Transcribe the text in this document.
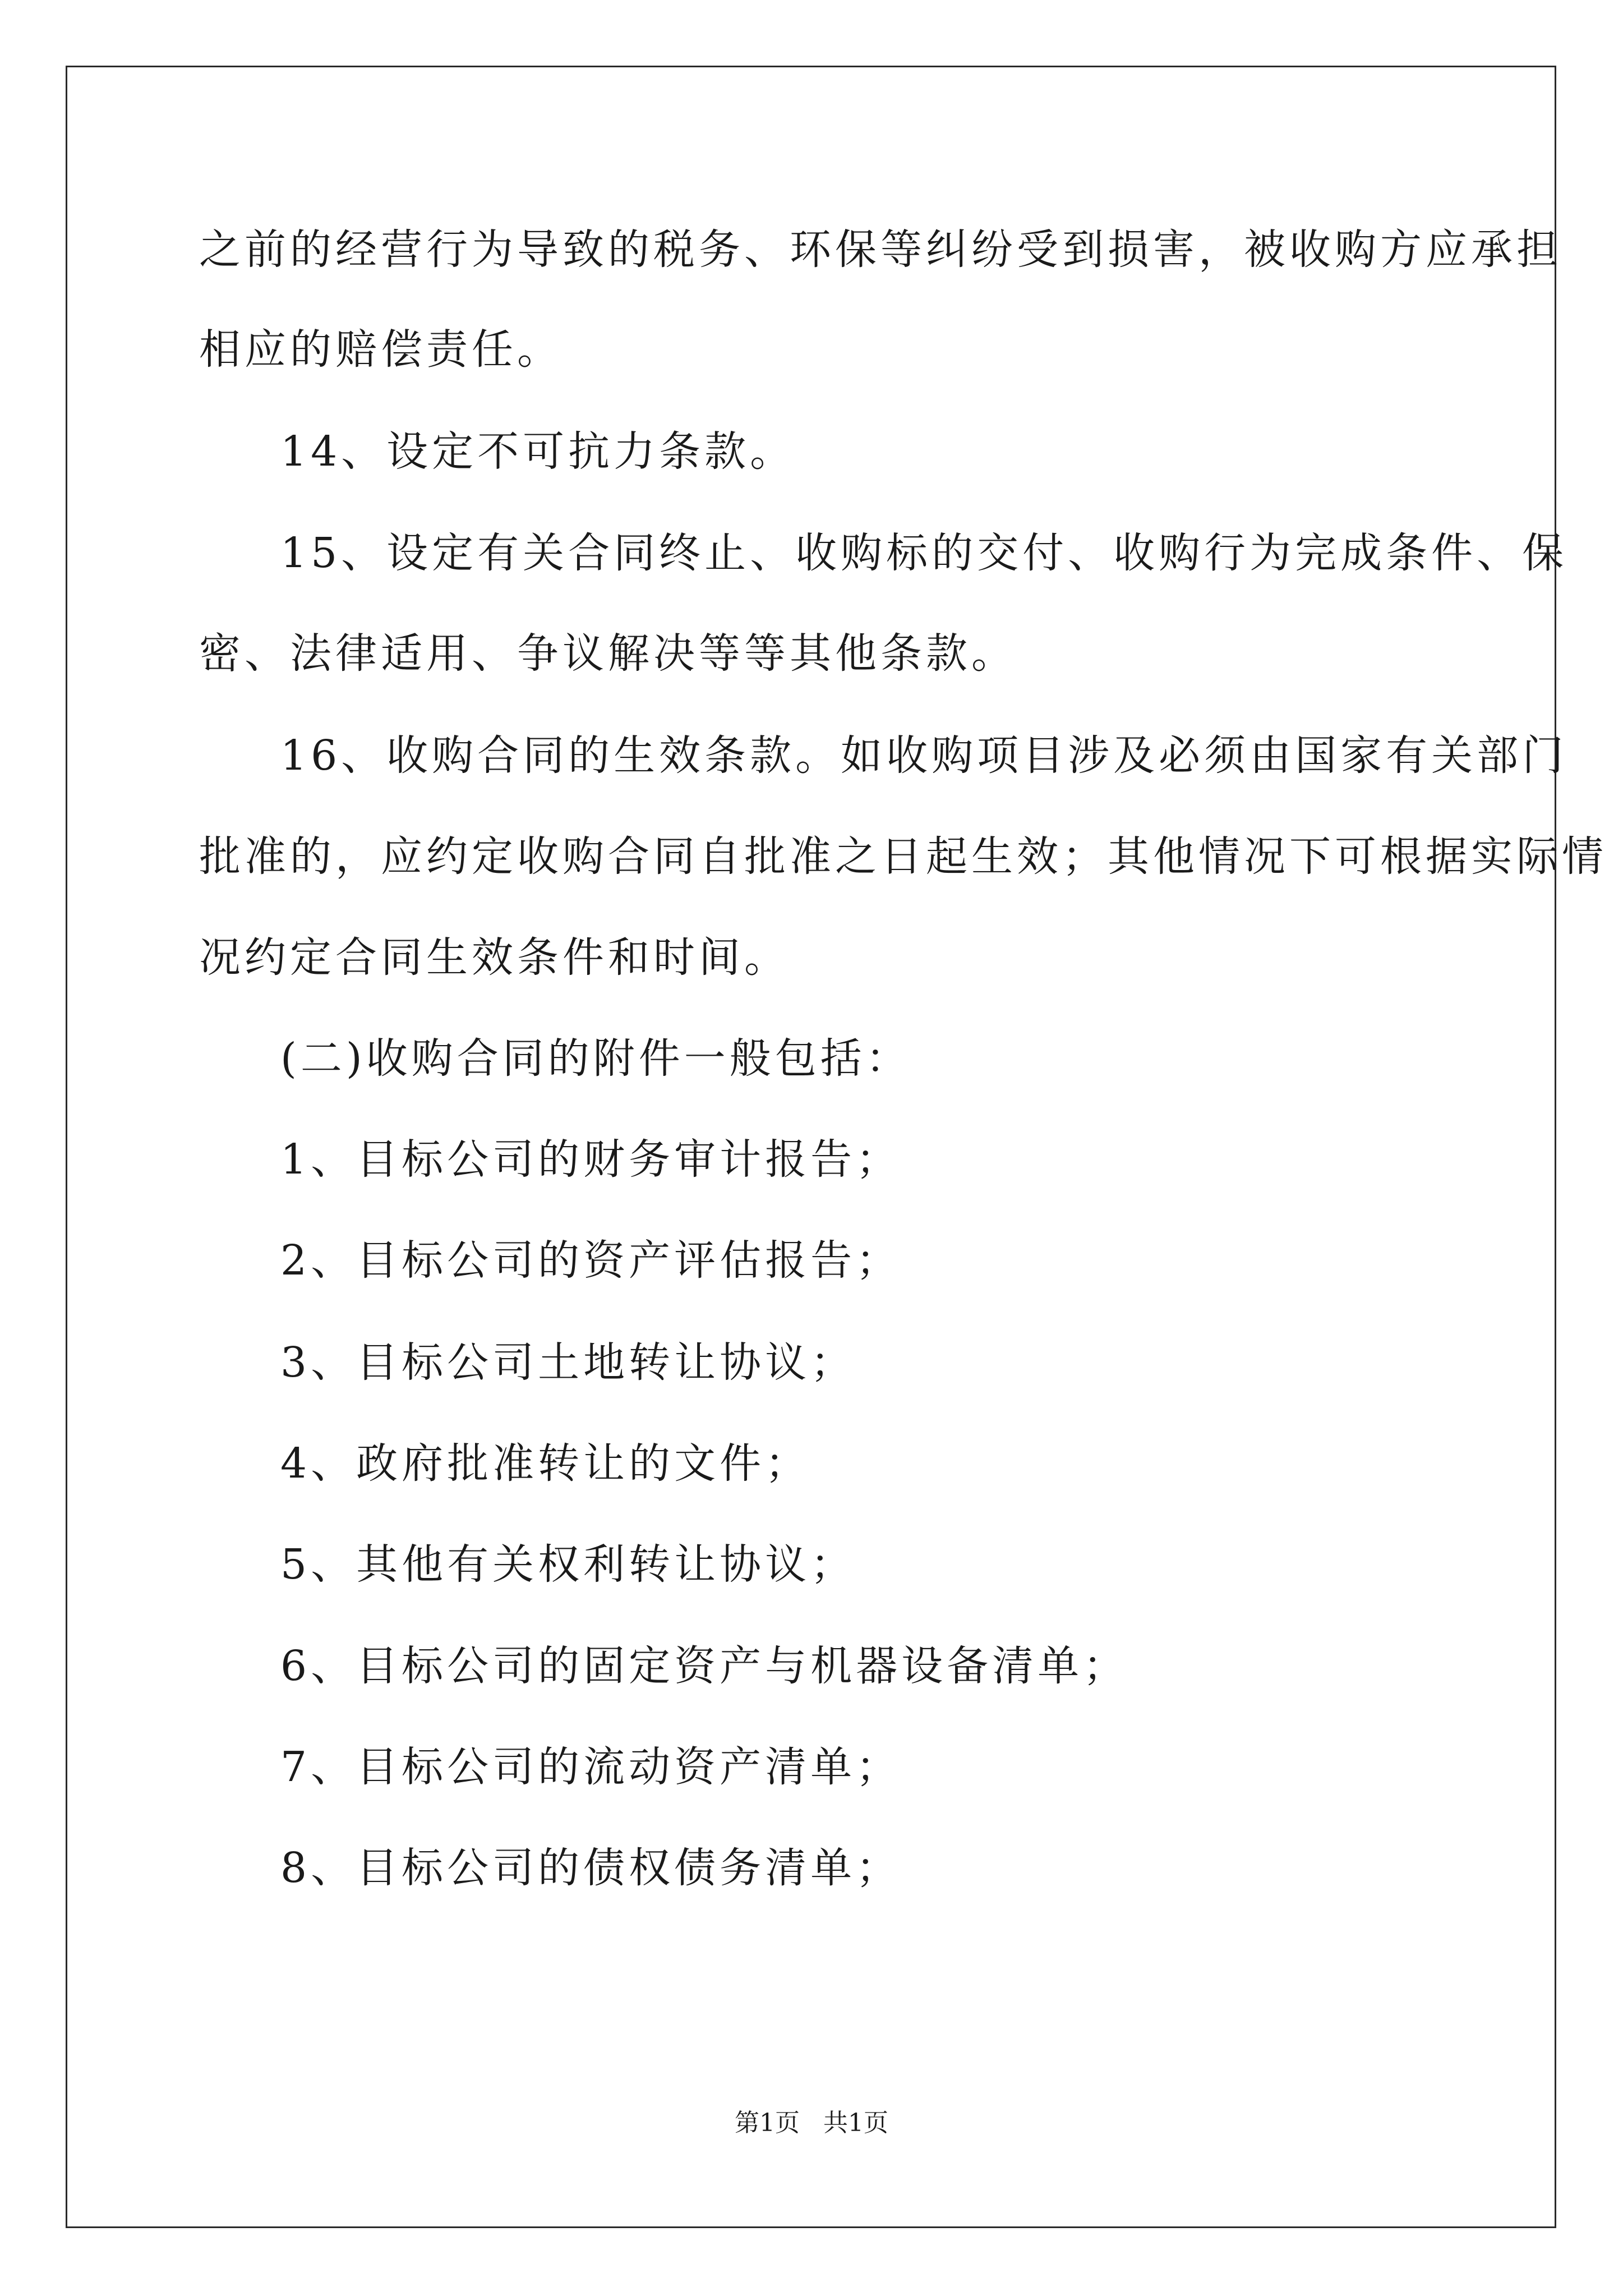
之前的经营行为导致的税务、环保等纠纷受到损害，被收购方应承担
相应的赔偿责任。
14、设定不可抗力条款。
15、设定有关合同终止、收购标的交付、收购行为完成条件、保
密、法律适用、争议解决等等其他条款。
16、收购合同的生效条款。如收购项目涉及必须由国家有关部门
批准的，应约定收购合同自批准之日起生效；其他情况下可根据实际情
况约定合同生效条件和时间。
(二)收购合同的附件一般包括：
1、目标公司的财务审计报告；
2、目标公司的资产评估报告；
3、目标公司土地转让协议；
4、政府批准转让的文件；
5、其他有关权利转让协议；
6、目标公司的固定资产与机器设备清单；
7、目标公司的流动资产清单；
8、目标公司的债权债务清单；
第1页 共1页
